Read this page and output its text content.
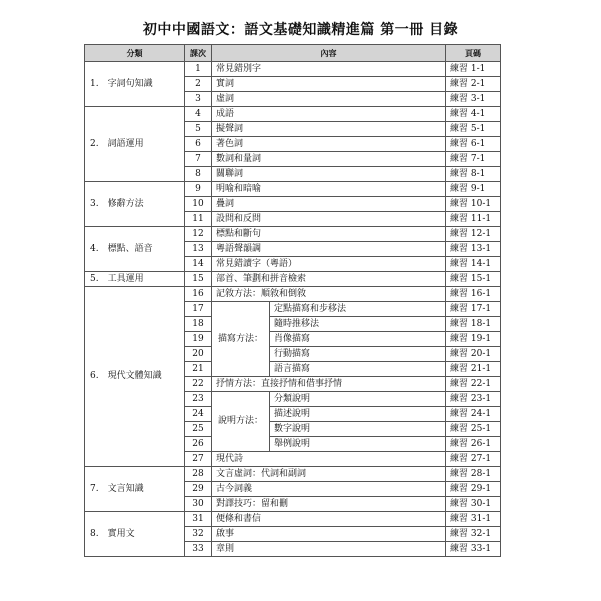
初中中國語文：語文基礎知識精進篇 第一冊 目錄
分類	課次	內容		頁碼
1.　字詞句知識	1	常見錯別字		練習 1-1
	2	實詞		練習 2-1
	3	虛詞		練習 3-1
2.　詞語運用	4	成語		練習 4-1
	5	擬聲詞		練習 5-1
	6	著色詞		練習 6-1
	7	數詞和量詞		練習 7-1
	8	關聯詞		練習 8-1
3.　修辭方法	9	明喻和暗喻		練習 9-1
	10	疊詞		練習 10-1
	11	設問和反問		練習 11-1
4.　標點、語音	12	標點和斷句		練習 12-1
	13	粵語聲韻調		練習 13-1
	14	常見錯讀字（粵語）		練習 14-1
5.　工具運用	15	部首、筆劃和拼音檢索		練習 15-1
6.　現代文體知識	16	記敘方法：順敘和倒敘		練習 16-1
	17	描寫方法：	定點描寫和步移法	練習 17-1
	18		隨時推移法	練習 18-1
	19		肖像描寫	練習 19-1
	20		行動描寫	練習 20-1
	21		語言描寫	練習 21-1
	22	抒情方法：直接抒情和借事抒情		練習 22-1
	23	說明方法：	分類說明	練習 23-1
	24		描述說明	練習 24-1
	25		數字說明	練習 25-1
	26		舉例說明	練習 26-1
	27	現代詩		練習 27-1
7.　文言知識	28	文言虛詞：代詞和副詞		練習 28-1
	29	古今詞義		練習 29-1
	30	對譯技巧：留和刪		練習 30-1
8.　實用文	31	便條和書信		練習 31-1
	32	啟事		練習 32-1
	33	章則		練習 33-1
